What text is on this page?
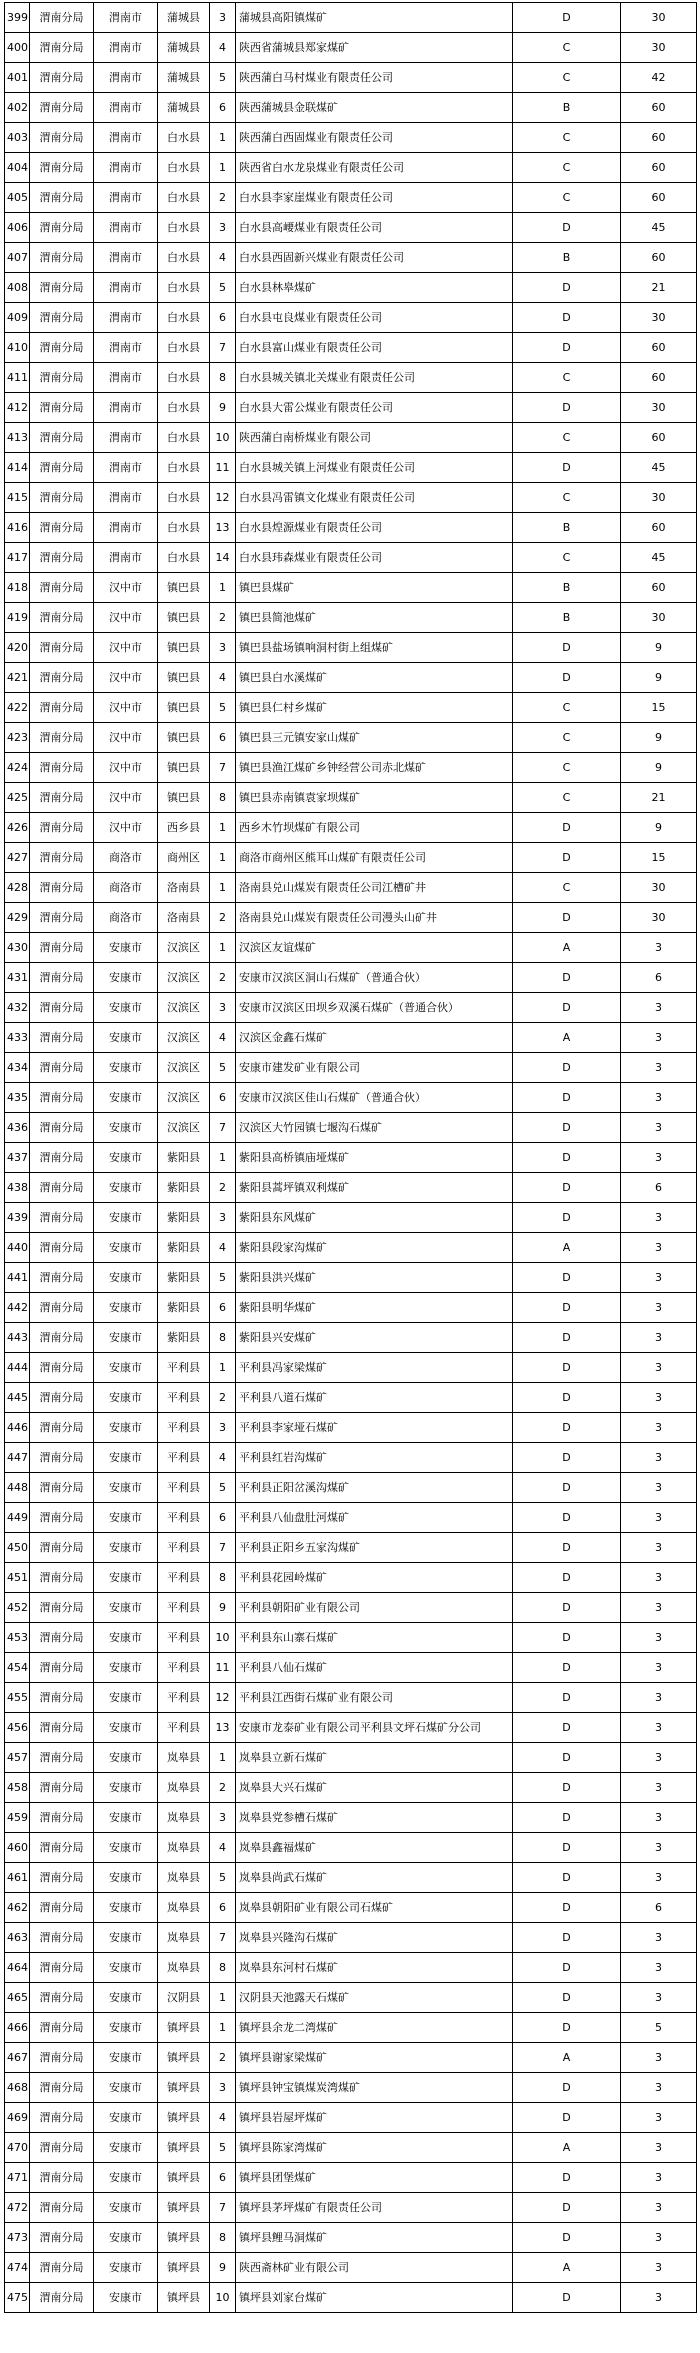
399	渭南分局	渭南市	蒲城县	3	蒲城县高阳镇煤矿	D	30
400	渭南分局	渭南市	蒲城县	4	陕西省蒲城县郑家煤矿	C	30
401	渭南分局	渭南市	蒲城县	5	陕西蒲白马村煤业有限责任公司	C	42
402	渭南分局	渭南市	蒲城县	6	陕西蒲城县金联煤矿	B	60
403	渭南分局	渭南市	白水县	1	陕西蒲白西固煤业有限责任公司	C	60
404	渭南分局	渭南市	白水县	1	陕西省白水龙泉煤业有限责任公司	C	60
405	渭南分局	渭南市	白水县	2	白水县李家崖煤业有限责任公司	C	60
406	渭南分局	渭南市	白水县	3	白水县高崾煤业有限责任公司	D	45
407	渭南分局	渭南市	白水县	4	白水县西固新兴煤业有限责任公司	B	60
408	渭南分局	渭南市	白水县	5	白水县林皋煤矿	D	21
409	渭南分局	渭南市	白水县	6	白水县屯良煤业有限责任公司	D	30
410	渭南分局	渭南市	白水县	7	白水县富山煤业有限责任公司	D	60
411	渭南分局	渭南市	白水县	8	白水县城关镇北关煤业有限责任公司	C	60
412	渭南分局	渭南市	白水县	9	白水县大雷公煤业有限责任公司	D	30
413	渭南分局	渭南市	白水县	10	陕西蒲白南桥煤业有限公司	C	60
414	渭南分局	渭南市	白水县	11	白水县城关镇上河煤业有限责任公司	D	45
415	渭南分局	渭南市	白水县	12	白水县冯雷镇文化煤业有限责任公司	C	30
416	渭南分局	渭南市	白水县	13	白水县煌源煤业有限责任公司	B	60
417	渭南分局	渭南市	白水县	14	白水县玮森煤业有限责任公司	C	45
418	渭南分局	汉中市	镇巴县	1	镇巴县煤矿	B	60
419	渭南分局	汉中市	镇巴县	2	镇巴县简池煤矿	B	30
420	渭南分局	汉中市	镇巴县	3	镇巴县盐场镇响洞村街上组煤矿	D	9
421	渭南分局	汉中市	镇巴县	4	镇巴县白水溪煤矿	D	9
422	渭南分局	汉中市	镇巴县	5	镇巴县仁村乡煤矿	C	15
423	渭南分局	汉中市	镇巴县	6	镇巴县三元镇安家山煤矿	C	9
424	渭南分局	汉中市	镇巴县	7	镇巴县渔江煤矿乡钟经营公司赤北煤矿	C	9
425	渭南分局	汉中市	镇巴县	8	镇巴县赤南镇袁家坝煤矿	C	21
426	渭南分局	汉中市	西乡县	1	西乡木竹坝煤矿有限公司	D	9
427	渭南分局	商洛市	商州区	1	商洛市商州区熊耳山煤矿有限责任公司	D	15
428	渭南分局	商洛市	洛南县	1	洛南县兑山煤炭有限责任公司江槽矿井	C	30
429	渭南分局	商洛市	洛南县	2	洛南县兑山煤炭有限责任公司漫头山矿井	D	30
430	渭南分局	安康市	汉滨区	1	汉滨区友谊煤矿	A	3
431	渭南分局	安康市	汉滨区	2	安康市汉滨区洞山石煤矿（普通合伙）	D	6
432	渭南分局	安康市	汉滨区	3	安康市汉滨区田坝乡双溪石煤矿（普通合伙）	D	3
433	渭南分局	安康市	汉滨区	4	汉滨区金鑫石煤矿	A	3
434	渭南分局	安康市	汉滨区	5	安康市建发矿业有限公司	D	3
435	渭南分局	安康市	汉滨区	6	安康市汉滨区佳山石煤矿（普通合伙）	D	3
436	渭南分局	安康市	汉滨区	7	汉滨区大竹园镇七堰沟石煤矿	D	3
437	渭南分局	安康市	紫阳县	1	紫阳县高桥镇庙垭煤矿	D	3
438	渭南分局	安康市	紫阳县	2	紫阳县蒿坪镇双利煤矿	D	6
439	渭南分局	安康市	紫阳县	3	紫阳县东风煤矿	D	3
440	渭南分局	安康市	紫阳县	4	紫阳县段家沟煤矿	A	3
441	渭南分局	安康市	紫阳县	5	紫阳县洪兴煤矿	D	3
442	渭南分局	安康市	紫阳县	6	紫阳县明华煤矿	D	3
443	渭南分局	安康市	紫阳县	8	紫阳县兴安煤矿	D	3
444	渭南分局	安康市	平利县	1	平利县冯家梁煤矿	D	3
445	渭南分局	安康市	平利县	2	平利县八道石煤矿	D	3
446	渭南分局	安康市	平利县	3	平利县李家垭石煤矿	D	3
447	渭南分局	安康市	平利县	4	平利县红岩沟煤矿	D	3
448	渭南分局	安康市	平利县	5	平利县正阳岔溪沟煤矿	D	3
449	渭南分局	安康市	平利县	6	平利县八仙盘肚河煤矿	D	3
450	渭南分局	安康市	平利县	7	平利县正阳乡五家沟煤矿	D	3
451	渭南分局	安康市	平利县	8	平利县花园岭煤矿	D	3
452	渭南分局	安康市	平利县	9	平利县朝阳矿业有限公司	D	3
453	渭南分局	安康市	平利县	10	平利县东山寨石煤矿	D	3
454	渭南分局	安康市	平利县	11	平利县八仙石煤矿	D	3
455	渭南分局	安康市	平利县	12	平利县江西街石煤矿业有限公司	D	3
456	渭南分局	安康市	平利县	13	安康市龙泰矿业有限公司平利县文坪石煤矿分公司	D	3
457	渭南分局	安康市	岚皋县	1	岚皋县立新石煤矿	D	3
458	渭南分局	安康市	岚皋县	2	岚皋县大兴石煤矿	D	3
459	渭南分局	安康市	岚皋县	3	岚皋县党参槽石煤矿	D	3
460	渭南分局	安康市	岚皋县	4	岚皋县鑫福煤矿	D	3
461	渭南分局	安康市	岚皋县	5	岚皋县尚武石煤矿	D	3
462	渭南分局	安康市	岚皋县	6	岚皋县朝阳矿业有限公司石煤矿	D	6
463	渭南分局	安康市	岚皋县	7	岚皋县兴隆沟石煤矿	D	3
464	渭南分局	安康市	岚皋县	8	岚皋县东河村石煤矿	D	3
465	渭南分局	安康市	汉阴县	1	汉阴县天池露天石煤矿	D	3
466	渭南分局	安康市	镇坪县	1	镇坪县余龙二湾煤矿	D	5
467	渭南分局	安康市	镇坪县	2	镇坪县谢家梁煤矿	A	3
468	渭南分局	安康市	镇坪县	3	镇坪县钟宝镇煤炭湾煤矿	D	3
469	渭南分局	安康市	镇坪县	4	镇坪县岩屋坪煤矿	D	3
470	渭南分局	安康市	镇坪县	5	镇坪县陈家湾煤矿	A	3
471	渭南分局	安康市	镇坪县	6	镇坪县团堡煤矿	D	3
472	渭南分局	安康市	镇坪县	7	镇坪县茅坪煤矿有限责任公司	D	3
473	渭南分局	安康市	镇坪县	8	镇坪县鲤马洞煤矿	D	3
474	渭南分局	安康市	镇坪县	9	陕西斋林矿业有限公司	A	3
475	渭南分局	安康市	镇坪县	10	镇坪县刘家台煤矿	D	3
